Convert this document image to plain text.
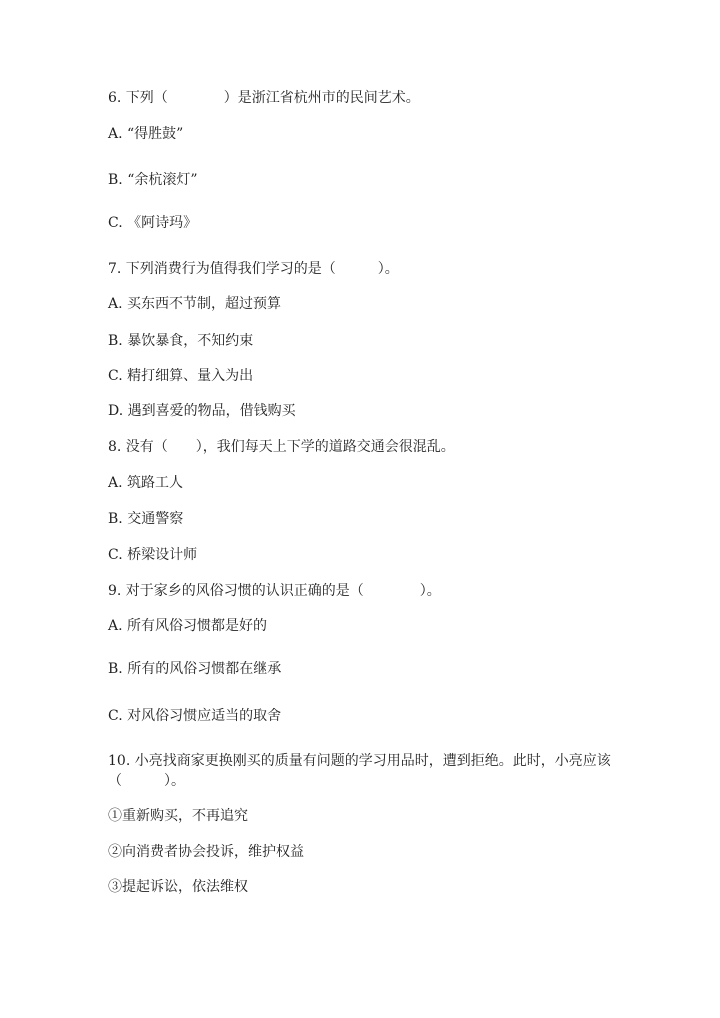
6. 下列（　　　　）是浙江省杭州市的民间艺术。
A. “得胜鼓”
B. “余杭滚灯”
C. 《阿诗玛》
7. 下列消费行为值得我们学习的是（　　　）。
A. 买东西不节制，超过预算
B. 暴饮暴食，不知约束
C. 精打细算、量入为出
D. 遇到喜爱的物品，借钱购买
8. 没有（　　），我们每天上下学的道路交通会很混乱。
A. 筑路工人
B. 交通警察
C. 桥梁设计师
9. 对于家乡的风俗习惯的认识正确的是（　　　　）。
A. 所有风俗习惯都是好的
B. 所有的风俗习惯都在继承
C. 对风俗习惯应适当的取舍
10. 小亮找商家更换刚买的质量有问题的学习用品时，遭到拒绝。此时，小亮应该（　　　）。
①重新购买，不再追究
②向消费者协会投诉，维护权益
③提起诉讼，依法维权
